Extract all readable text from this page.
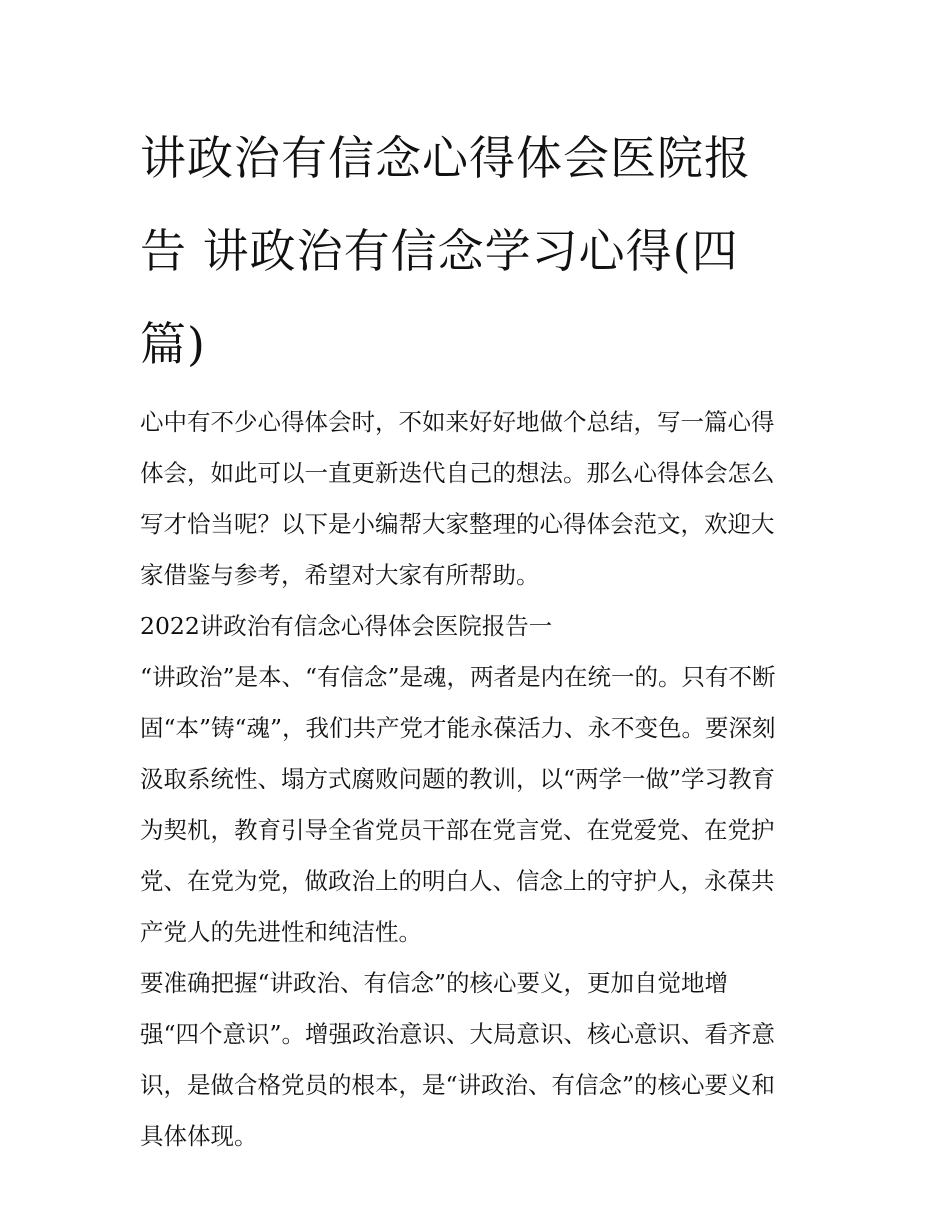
讲政治有信念心得体会医院报
告 讲政治有信念学习心得(四
篇)

心中有不少心得体会时，不如来好好地做个总结，写一篇心得
体会，如此可以一直更新迭代自己的想法。那么心得体会怎么
写才恰当呢？以下是小编帮大家整理的心得体会范文，欢迎大
家借鉴与参考，希望对大家有所帮助。

2022讲政治有信念心得体会医院报告一

“讲政治”是本、“有信念”是魂，两者是内在统一的。只有不断
固“本”铸“魂”，我们共产党才能永葆活力、永不变色。要深刻
汲取系统性、塌方式腐败问题的教训，以“两学一做”学习教育
为契机，教育引导全省党员干部在党言党、在党爱党、在党护
党、在党为党，做政治上的明白人、信念上的守护人，永葆共
产党人的先进性和纯洁性。

要准确把握“讲政治、有信念”的核心要义，更加自觉地增
强“四个意识”。增强政治意识、大局意识、核心意识、看齐意
识，是做合格党员的根本，是“讲政治、有信念”的核心要义和
具体体现。
